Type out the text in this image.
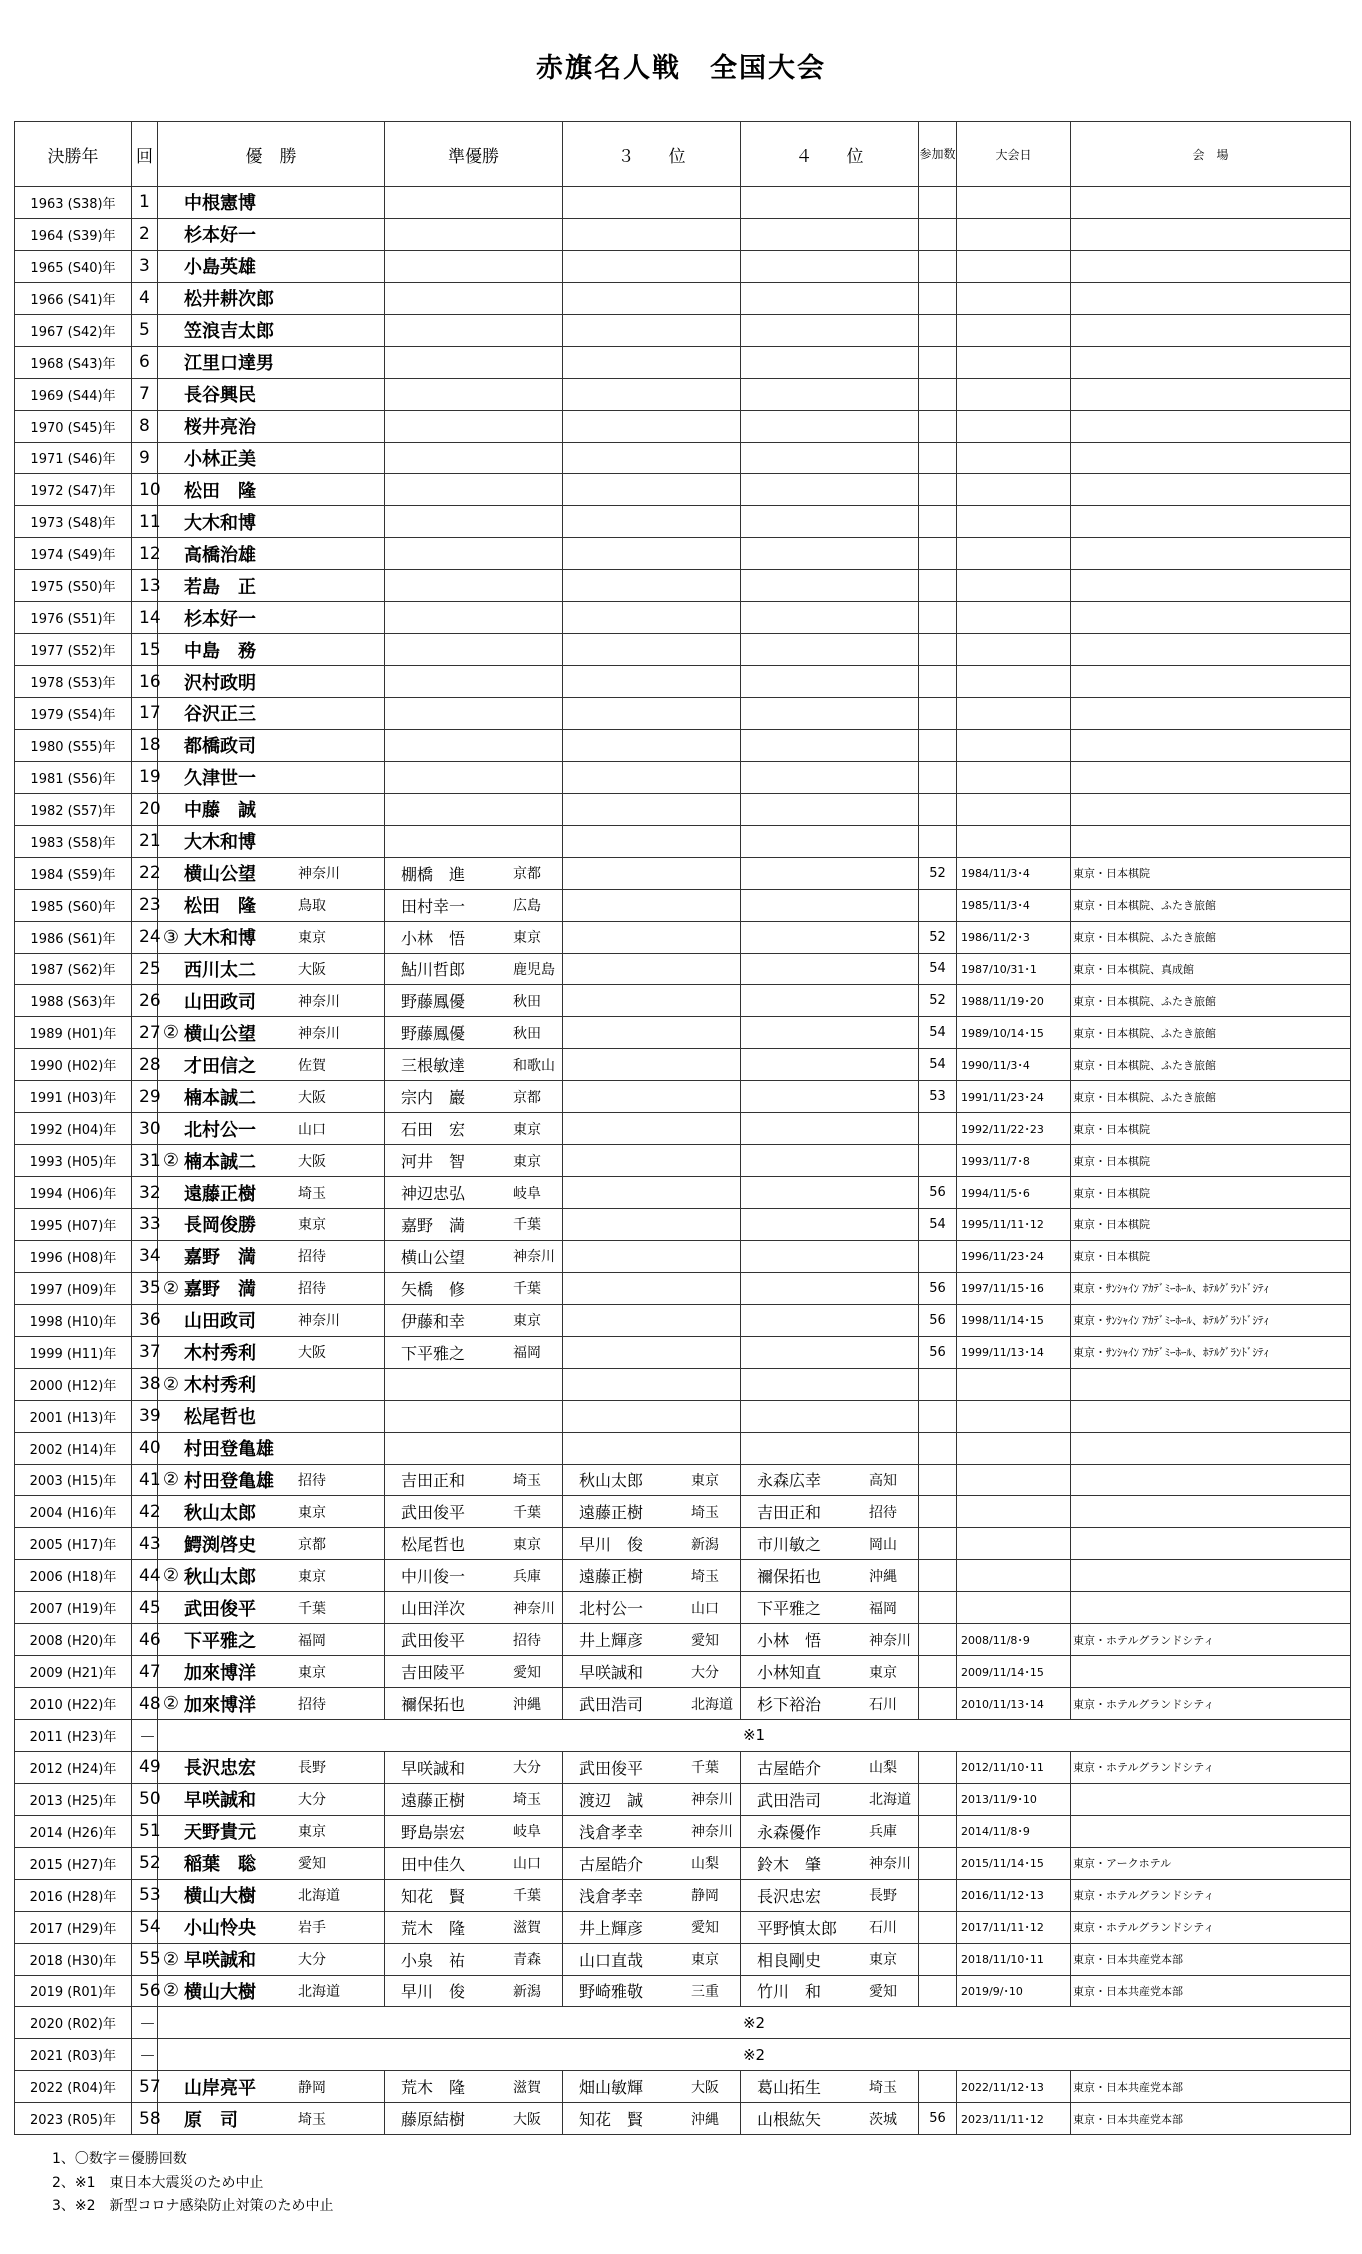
赤旗名人戦　全国大会
決勝年	回	優　勝	準優勝	３　　位	４　　位	参加数	大会日	会　場	
1963 (S38)年	1	中根憲博							

1964 (S39)年	2	杉本好一							

1965 (S40)年	3	小島英雄							

1966 (S41)年	4	松井耕次郎							

1967 (S42)年	5	笠浪吉太郎							

1968 (S43)年	6	江里口達男							

1969 (S44)年	7	長谷興民							

1970 (S45)年	8	桜井亮治							

1971 (S46)年	9	小林正美							

1972 (S47)年	10	松田　隆							

1973 (S48)年	11	大木和博							

1974 (S49)年	12	高橋治雄							

1975 (S50)年	13	若島　正							

1976 (S51)年	14	杉本好一							

1977 (S52)年	15	中島　務							

1978 (S53)年	16	沢村政明							

1979 (S54)年	17	谷沢正三							

1980 (S55)年	18	都橋政司							

1981 (S56)年	19	久津世一							

1982 (S57)年	20	中藤　誠							

1983 (S58)年	21	大木和博							

1984 (S59)年	22	横山公望 神奈川	棚橋　進 京都			52	1984/11/3･4	東京・日本棋院	
1985 (S60)年	23	松田　隆 鳥取	田村幸一 広島				1985/11/3･4	東京・日本棋院、ふたき旅館	
1986 (S61)年	24	③ 大木和博 東京	小林　悟 東京			52	1986/11/2･3	東京・日本棋院、ふたき旅館	
1987 (S62)年	25	西川太二 大阪	鮎川哲郎 鹿児島			54	1987/10/31･1	東京・日本棋院、真成館	
1988 (S63)年	26	山田政司 神奈川	野藤鳳優 秋田			52	1988/11/19･20	東京・日本棋院、ふたき旅館	
1989 (H01)年	27	② 横山公望 神奈川	野藤鳳優 秋田			54	1989/10/14･15	東京・日本棋院、ふたき旅館	
1990 (H02)年	28	才田信之 佐賀	三根敏達 和歌山			54	1990/11/3･4	東京・日本棋院、ふたき旅館	
1991 (H03)年	29	楠本誠二 大阪	宗内　巖 京都			53	1991/11/23･24	東京・日本棋院、ふたき旅館	
1992 (H04)年	30	北村公一 山口	石田　宏 東京				1992/11/22･23	東京・日本棋院	
1993 (H05)年	31	② 楠本誠二 大阪	河井　智 東京				1993/11/7･8	東京・日本棋院	
1994 (H06)年	32	遠藤正樹 埼玉	神辺忠弘 岐阜			56	1994/11/5･6	東京・日本棋院	
1995 (H07)年	33	長岡俊勝 東京	嘉野　満 千葉			54	1995/11/11･12	東京・日本棋院	
1996 (H08)年	34	嘉野　満 招待	横山公望 神奈川				1996/11/23･24	東京・日本棋院	
1997 (H09)年	35	② 嘉野　満 招待	矢橋　修 千葉			56	1997/11/15･16	東京・ｻﾝｼｬｲﾝ ｱｶﾃﾞﾐｰﾎｰﾙ、ﾎﾃﾙｸﾞﾗﾝﾄﾞｼﾃｨ	
1998 (H10)年	36	山田政司 神奈川	伊藤和幸 東京			56	1998/11/14･15	東京・ｻﾝｼｬｲﾝ ｱｶﾃﾞﾐｰﾎｰﾙ、ﾎﾃﾙｸﾞﾗﾝﾄﾞｼﾃｨ	
1999 (H11)年	37	木村秀利 大阪	下平雅之 福岡			56	1999/11/13･14	東京・ｻﾝｼｬｲﾝ ｱｶﾃﾞﾐｰﾎｰﾙ、ﾎﾃﾙｸﾞﾗﾝﾄﾞｼﾃｨ	
2000 (H12)年	38	② 木村秀利							

2001 (H13)年	39	松尾哲也							

2002 (H14)年	40	村田登亀雄							

2003 (H15)年	41	② 村田登亀雄 招待	吉田正和 埼玉	秋山太郎 東京	永森広幸 高知				

2004 (H16)年	42	秋山太郎 東京	武田俊平 千葉	遠藤正樹 埼玉	吉田正和 招待				

2005 (H17)年	43	鰐渕啓史 京都	松尾哲也 東京	早川　俊 新潟	市川敏之 岡山				

2006 (H18)年	44	② 秋山太郎 東京	中川俊一 兵庫	遠藤正樹 埼玉	禰保拓也 沖縄				

2007 (H19)年	45	武田俊平 千葉	山田洋次 神奈川	北村公一 山口	下平雅之 福岡				

2008 (H20)年	46	下平雅之 福岡	武田俊平 招待	井上輝彦 愛知	小林　悟 神奈川		2008/11/8･9	東京・ホテルグランドシティ	
2009 (H21)年	47	加來博洋 東京	吉田陵平 愛知	早咲誠和 大分	小林知直 東京		2009/11/14･15		
2010 (H22)年	48	② 加來博洋 招待	禰保拓也 沖縄	武田浩司 北海道	杉下裕治 石川		2010/11/13･14	東京・ホテルグランドシティ	
2011 (H23)年	－	※1							
2012 (H24)年	49	長沢忠宏 長野	早咲誠和 大分	武田俊平 千葉	古屋皓介 山梨		2012/11/10･11	東京・ホテルグランドシティ	
2013 (H25)年	50	早咲誠和 大分	遠藤正樹 埼玉	渡辺　誠 神奈川	武田浩司 北海道		2013/11/9･10		
2014 (H26)年	51	天野貴元 東京	野島崇宏 岐阜	浅倉孝幸 神奈川	永森優作 兵庫		2014/11/8･9		
2015 (H27)年	52	稲葉　聡 愛知	田中佳久 山口	古屋皓介 山梨	鈴木　肇 神奈川		2015/11/14･15	東京・アークホテル	
2016 (H28)年	53	横山大樹 北海道	知花　賢 千葉	浅倉孝幸 静岡	長沢忠宏 長野		2016/11/12･13	東京・ホテルグランドシティ	
2017 (H29)年	54	小山怜央 岩手	荒木　隆 滋賀	井上輝彦 愛知	平野慎太郎 石川		2017/11/11･12	東京・ホテルグランドシティ	
2018 (H30)年	55	② 早咲誠和 大分	小泉　祐 青森	山口直哉 東京	相良剛史 東京		2018/11/10･11	東京・日本共産党本部	
2019 (R01)年	56	② 横山大樹 北海道	早川　俊 新潟	野崎雅敬 三重	竹川　和 愛知		2019/9/･10	東京・日本共産党本部	
2020 (R02)年	－	※2							
2021 (R03)年	－	※2							
2022 (R04)年	57	山岸亮平 静岡	荒木　隆 滋賀	畑山敏輝 大阪	葛山拓生 埼玉		2022/11/12･13	東京・日本共産党本部	
2023 (R05)年	58	原　司 埼玉	藤原結樹 大阪	知花　賢 沖縄	山根紘矢 茨城	56	2023/11/11･12	東京・日本共産党本部	
1、〇数字＝優勝回数
2、※1　東日本大震災のため中止
3、※2　新型コロナ感染防止対策のため中止
